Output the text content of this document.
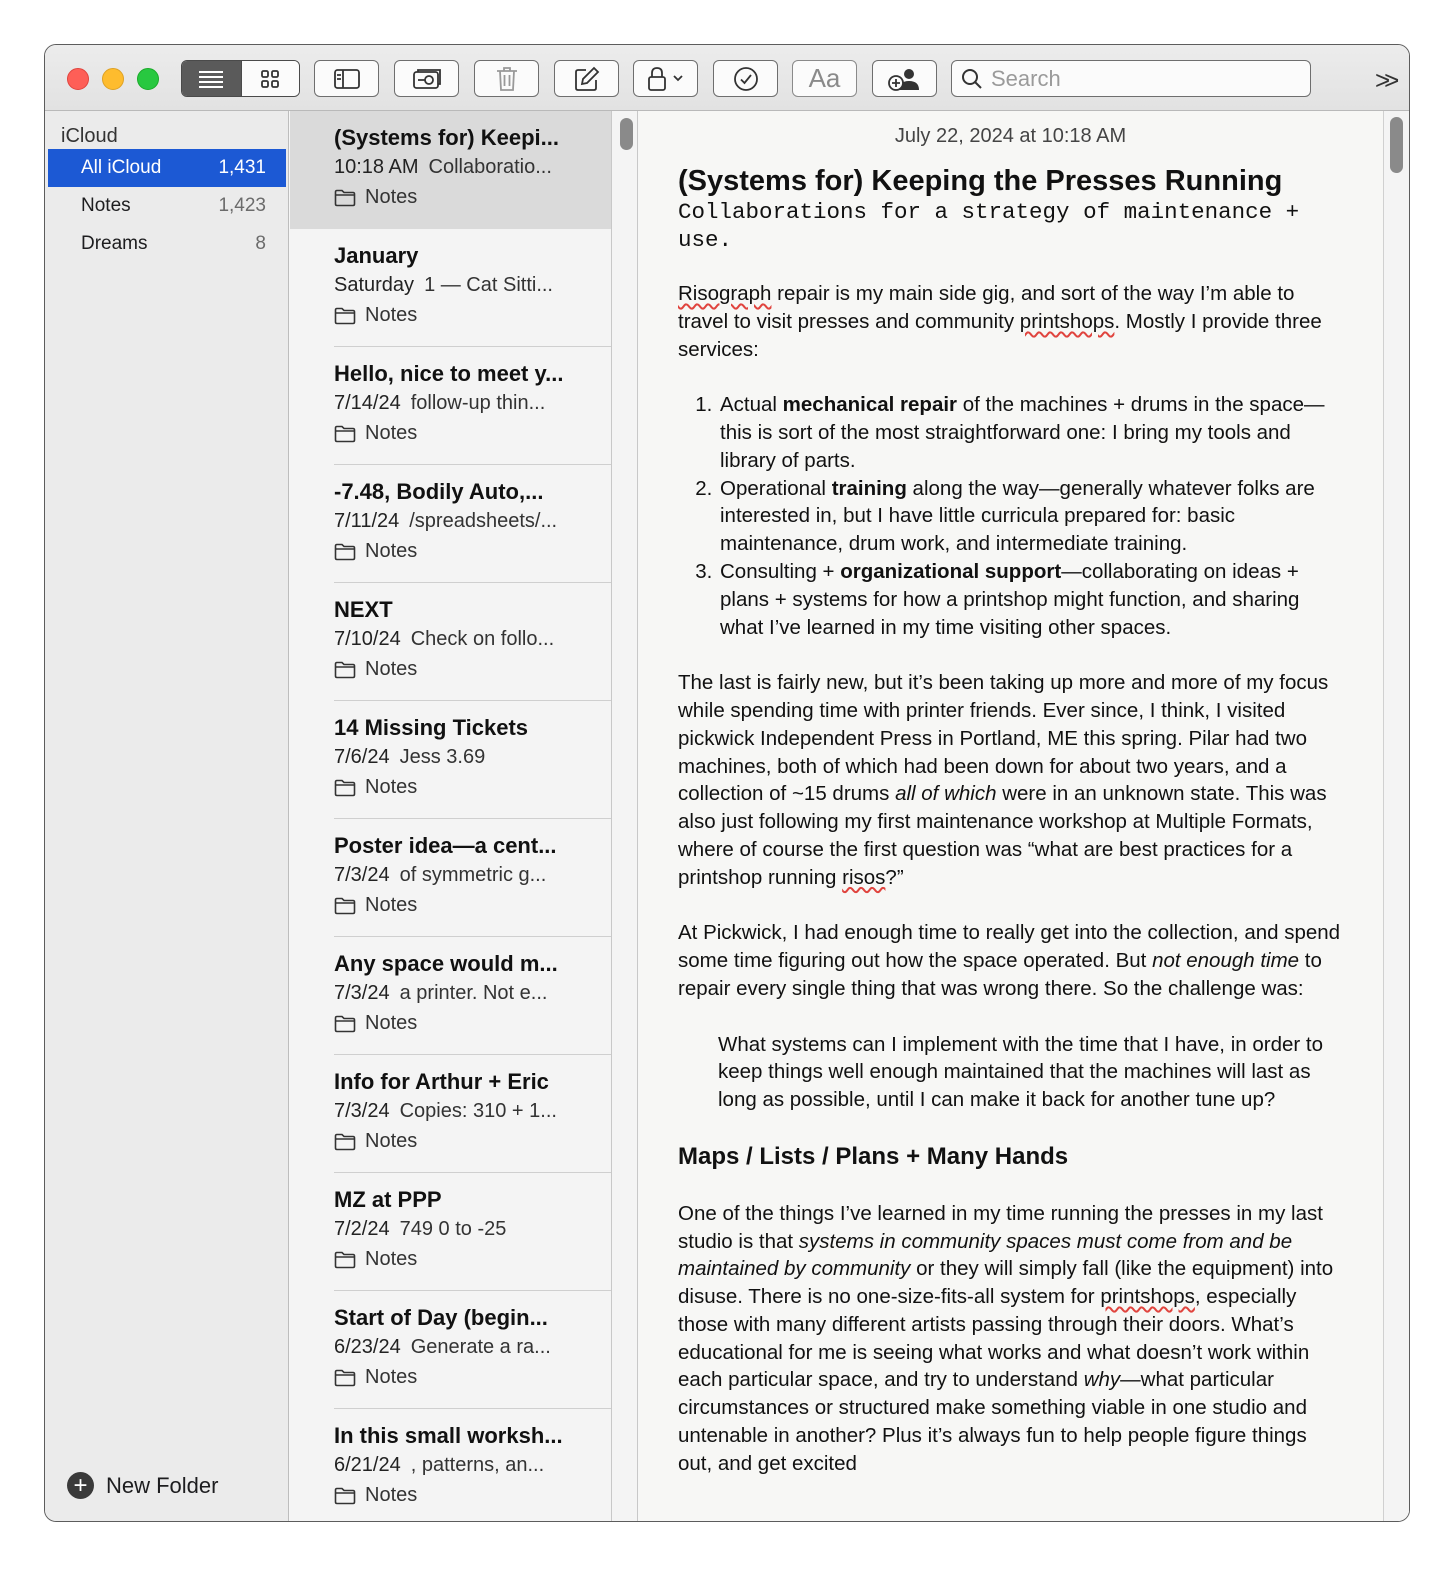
Aa
Search	>>
iCloud
All iCloud	1,431
Notes	1,423
Dreams	8
+ New Folder
(Systems for) Keepi...
10:18 AM Collaboratio...
Notes
January
Saturday 1 — Cat Sitti...
Notes
Hello, nice to meet y...
7/14/24 follow-up thin...
Notes
-7.48, Bodily Auto,...
7/11/24 /spreadsheets/...
Notes
NEXT
7/10/24 Check on follo...
Notes
14 Missing Tickets
7/6/24 Jess 3.69
Notes
Poster idea—a cent...
7/3/24 of symmetric g...
Notes
Any space would m...
7/3/24 a printer. Not e...
Notes
Info for Arthur + Eric
7/3/24 Copies: 310 + 1...
Notes
MZ at PPP
7/2/24 749 0 to -25
Notes
Start of Day (begin...
6/23/24 Generate a ra...
Notes
In this small worksh...
6/21/24 , patterns, an...
Notes
July 22, 2024 at 10:18 AM
(Systems for) Keeping the Presses Running
Collaborations for a strategy of maintenance + use.

Risograph repair is my main side gig, and sort of the way I’m able to travel to visit presses and community printshops. Mostly I provide three services:

1. Actual mechanical repair of the machines + drums in the space—this is sort of the most straightforward one: I bring my tools and library of parts.
2. Operational training along the way—generally whatever folks are interested in, but I have little curricula prepared for: basic maintenance, drum work, and intermediate training.
3. Consulting + organizational support—collaborating on ideas + plans + systems for how a printshop might function, and sharing what I’ve learned in my time visiting other spaces.

The last is fairly new, but it’s been taking up more and more of my focus while spending time with printer friends. Ever since, I think, I visited pickwick Independent Press in Portland, ME this spring. Pilar had two machines, both of which had been down for about two years, and a collection of ~15 drums all of which were in an unknown state. This was also just following my first maintenance workshop at Multiple Formats, where of course the first question was “what are best practices for a printshop running risos?”

At Pickwick, I had enough time to really get into the collection, and spend some time figuring out how the space operated. But not enough time to repair every single thing that was wrong there. So the challenge was:

What systems can I implement with the time that I have, in order to keep things well enough maintained that the machines will last as long as possible, until I can make it back for another tune up?
Maps / Lists / Plans + Many Hands

One of the things I’ve learned in my time running the presses in my last studio is that systems in community spaces must come from and be maintained by community or they will simply fall (like the equipment) into disuse. There is no one-size-fits-all system for printshops, especially those with many different artists passing through their doors. What’s educational for me is seeing what works and what doesn’t work within each particular space, and try to understand why—what particular circumstances or structured make something viable in one studio and untenable in another? Plus it’s always fun to help people figure things out, and get excited
